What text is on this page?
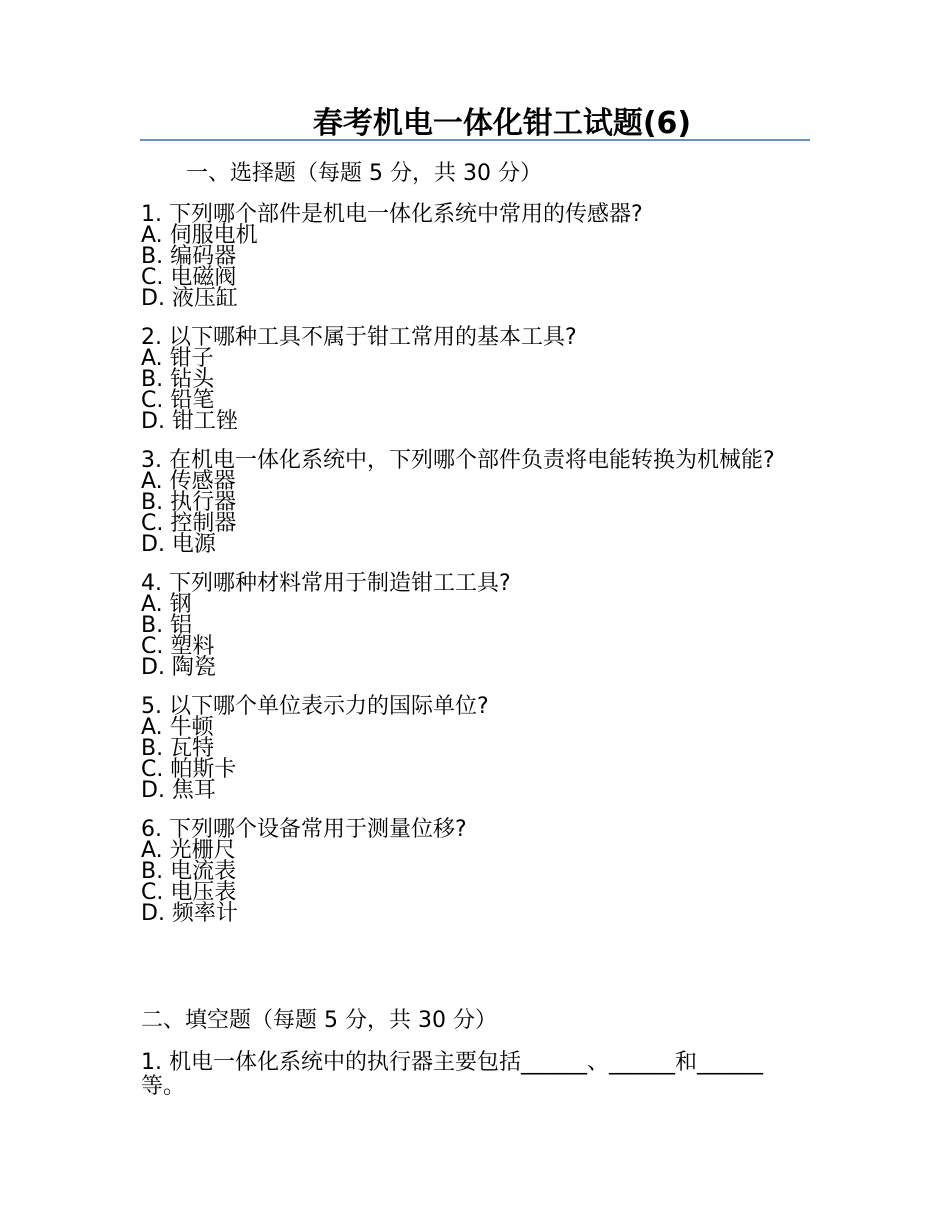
春考机电一体化钳工试题(6)
一、选择题（每题 5 分，共 30 分）
1. 下列哪个部件是机电一体化系统中常用的传感器?
A. 伺服电机
B. 编码器
C. 电磁阀
D. 液压缸
2. 以下哪种工具不属于钳工常用的基本工具?
A. 钳子
B. 钻头
C. 铅笔
D. 钳工锉
3. 在机电一体化系统中，下列哪个部件负责将电能转换为机械能?
A. 传感器
B. 执行器
C. 控制器
D. 电源
4. 下列哪种材料常用于制造钳工工具?
A. 钢
B. 铝
C. 塑料
D. 陶瓷
5. 以下哪个单位表示力的国际单位?
A. 牛顿
B. 瓦特
C. 帕斯卡
D. 焦耳
6. 下列哪个设备常用于测量位移?
A. 光栅尺
B. 电流表
C. 电压表
D. 频率计
二、填空题（每题 5 分，共 30 分）
1. 机电一体化系统中的执行器主要包括______、______和______等。
